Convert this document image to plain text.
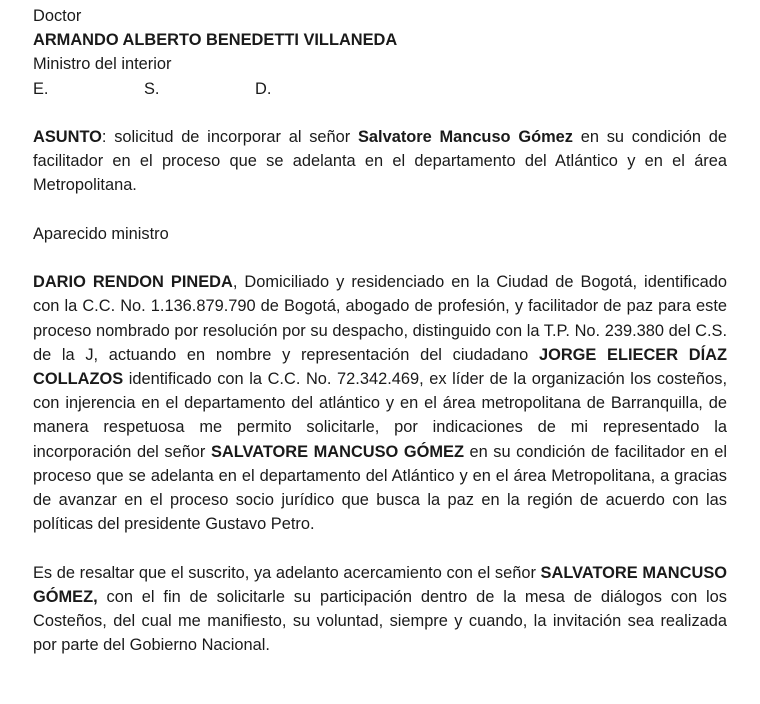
Doctor
ARMANDO ALBERTO BENEDETTI VILLANEDA
Ministro del interior
E.	S.	D.

ASUNTO: solicitud de incorporar al señor Salvatore Mancuso Gómez en su condición de facilitador en el proceso que se adelanta en el departamento del Atlántico y en el área Metropolitana.

Aparecido ministro

DARIO RENDON PINEDA, Domiciliado y residenciado en la Ciudad de Bogotá, identificado con la C.C. No. 1.136.879.790 de Bogotá, abogado de profesión, y facilitador de paz para este proceso nombrado por resolución por su despacho, distinguido con la T.P. No. 239.380 del C.S. de la J, actuando en nombre y representación del ciudadano JORGE ELIECER DÍAZ COLLAZOS identificado con la C.C. No. 72.342.469, ex líder de la organización los costeños, con injerencia en el departamento del atlántico y en el área metropolitana de Barranquilla, de manera respetuosa me permito solicitarle, por indicaciones de mi representado la incorporación del señor SALVATORE MANCUSO GÓMEZ en su condición de facilitador en el proceso que se adelanta en el departamento del Atlántico y en el área Metropolitana, a gracias de avanzar en el proceso socio jurídico que busca la paz en la región de acuerdo con las políticas del presidente Gustavo Petro.

Es de resaltar que el suscrito, ya adelanto acercamiento con el señor SALVATORE MANCUSO GÓMEZ, con el fin de solicitarle su participación dentro de la mesa de diálogos con los Costeños, del cual me manifiesto, su voluntad, siempre y cuando, la invitación sea realizada por parte del Gobierno Nacional.
